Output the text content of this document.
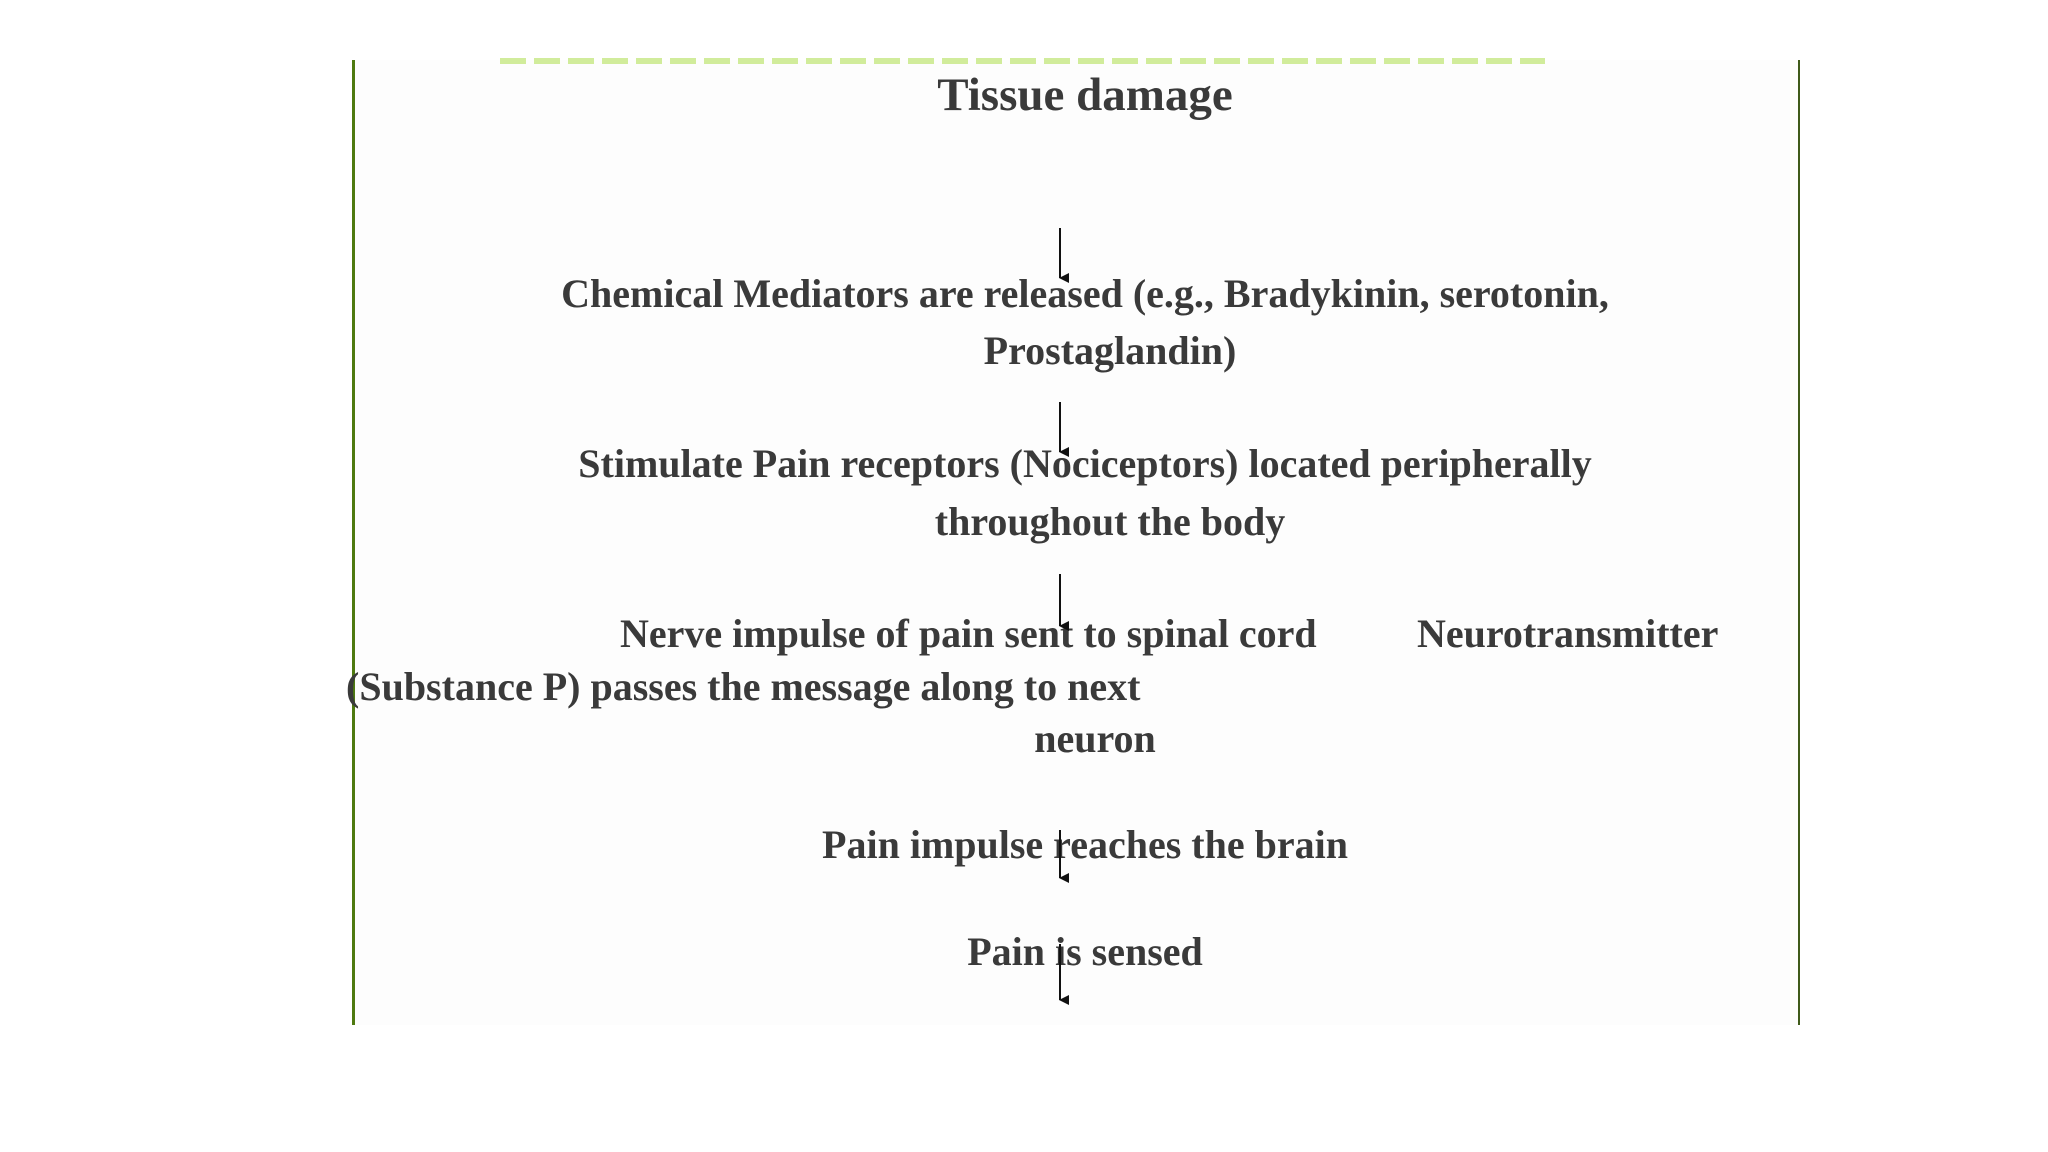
Tissue damage
Chemical Mediators are released (e.g., Bradykinin, serotonin,
Prostaglandin)
Stimulate Pain receptors (Nociceptors) located peripherally
throughout the body
Nerve impulse of pain sent to spinal cord	Neurotransmitter
(Substance P) passes the message along to next
neuron
Pain impulse reaches the brain
Pain is sensed
